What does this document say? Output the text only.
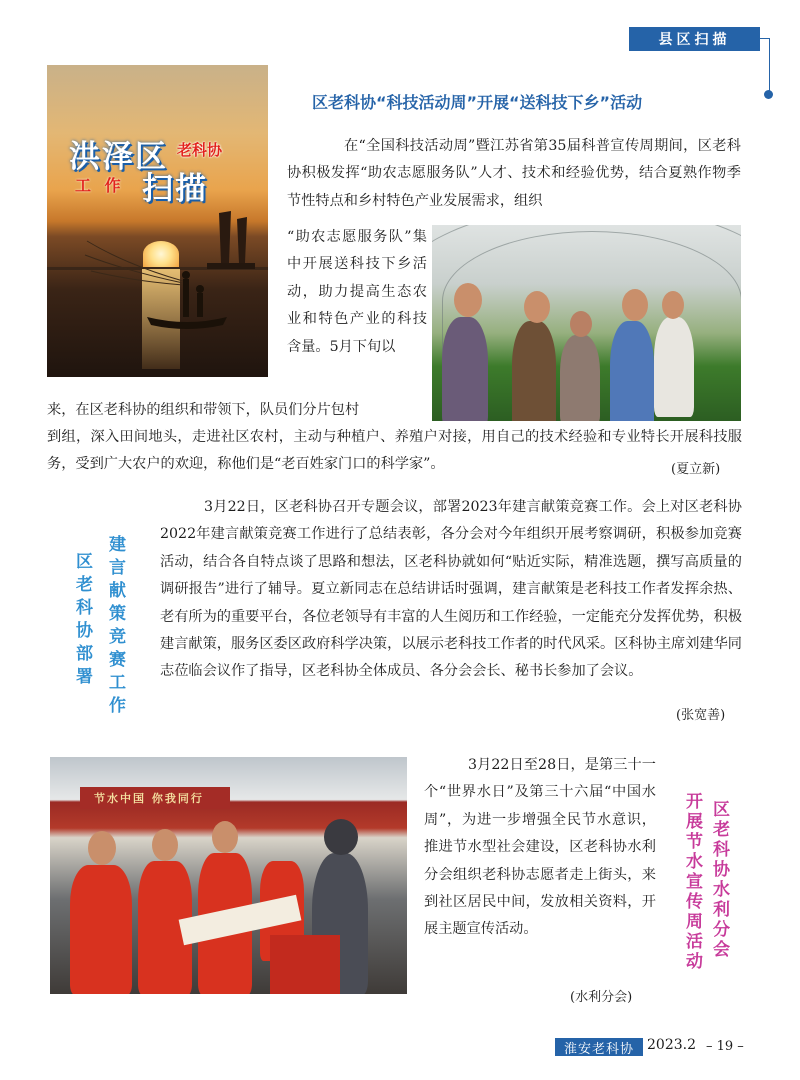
县区扫描
洪泽区 老科协
工 作 扫描
区老科协“科技活动周”开展“送科技下乡”活动

在“全国科技活动周”暨江苏省第35届科普宣传周期间，区老科协积极发挥“助农志愿服务队”人才、技术和经验优势，结合夏熟作物季节性特点和乡村特色产业发展需求，组织

“助农志愿服务队”集中开展送科技下乡活动，助力提高生态农业和特色产业的科技含量。5月下旬以

来，在区老科协的组织和带领下，队员们分片包村

到组，深入田间地头，走进社区农村，主动与种植户、养殖户对接，用自己的技术经验和专业特长开展科技服务，受到广大农户的欢迎，称他们是“老百姓家门口的科学家”。	(夏立新)
建言献策竞赛工作
区老科协部署

3月22日，区老科协召开专题会议，部署2023年建言献策竞赛工作。会上对区老科协2022年建言献策竞赛工作进行了总结表彰，各分会对今年组织开展考察调研，积极参加竞赛活动，结合各自特点谈了思路和想法，区老科协就如何“贴近实际，精准选题，撰写高质量的调研报告”进行了辅导。夏立新同志在总结讲话时强调，建言献策是老科技工作者发挥余热、老有所为的重要平台，各位老领导有丰富的人生阅历和工作经验，一定能充分发挥优势，积极建言献策，服务区委区政府科学决策，以展示老科技工作者的时代风采。区科协主席刘建华同志莅临会议作了指导，区老科协全体成员、各分会会长、秘书长参加了会议。

(张宽善)
节水中国 你我同行

3月22日至28日，是第三十一个“世界水日”及第三十六届“中国水周”，为进一步增强全民节水意识，推进节水型社会建设，区老科协水利分会组织老科协志愿者走上街头，来到社区居民中间，发放相关资料，开展主题宣传活动。

(水利分会)
区老科协水利分会
开展节水宣传周活动
淮安老科协 2023.2 – 19 –
